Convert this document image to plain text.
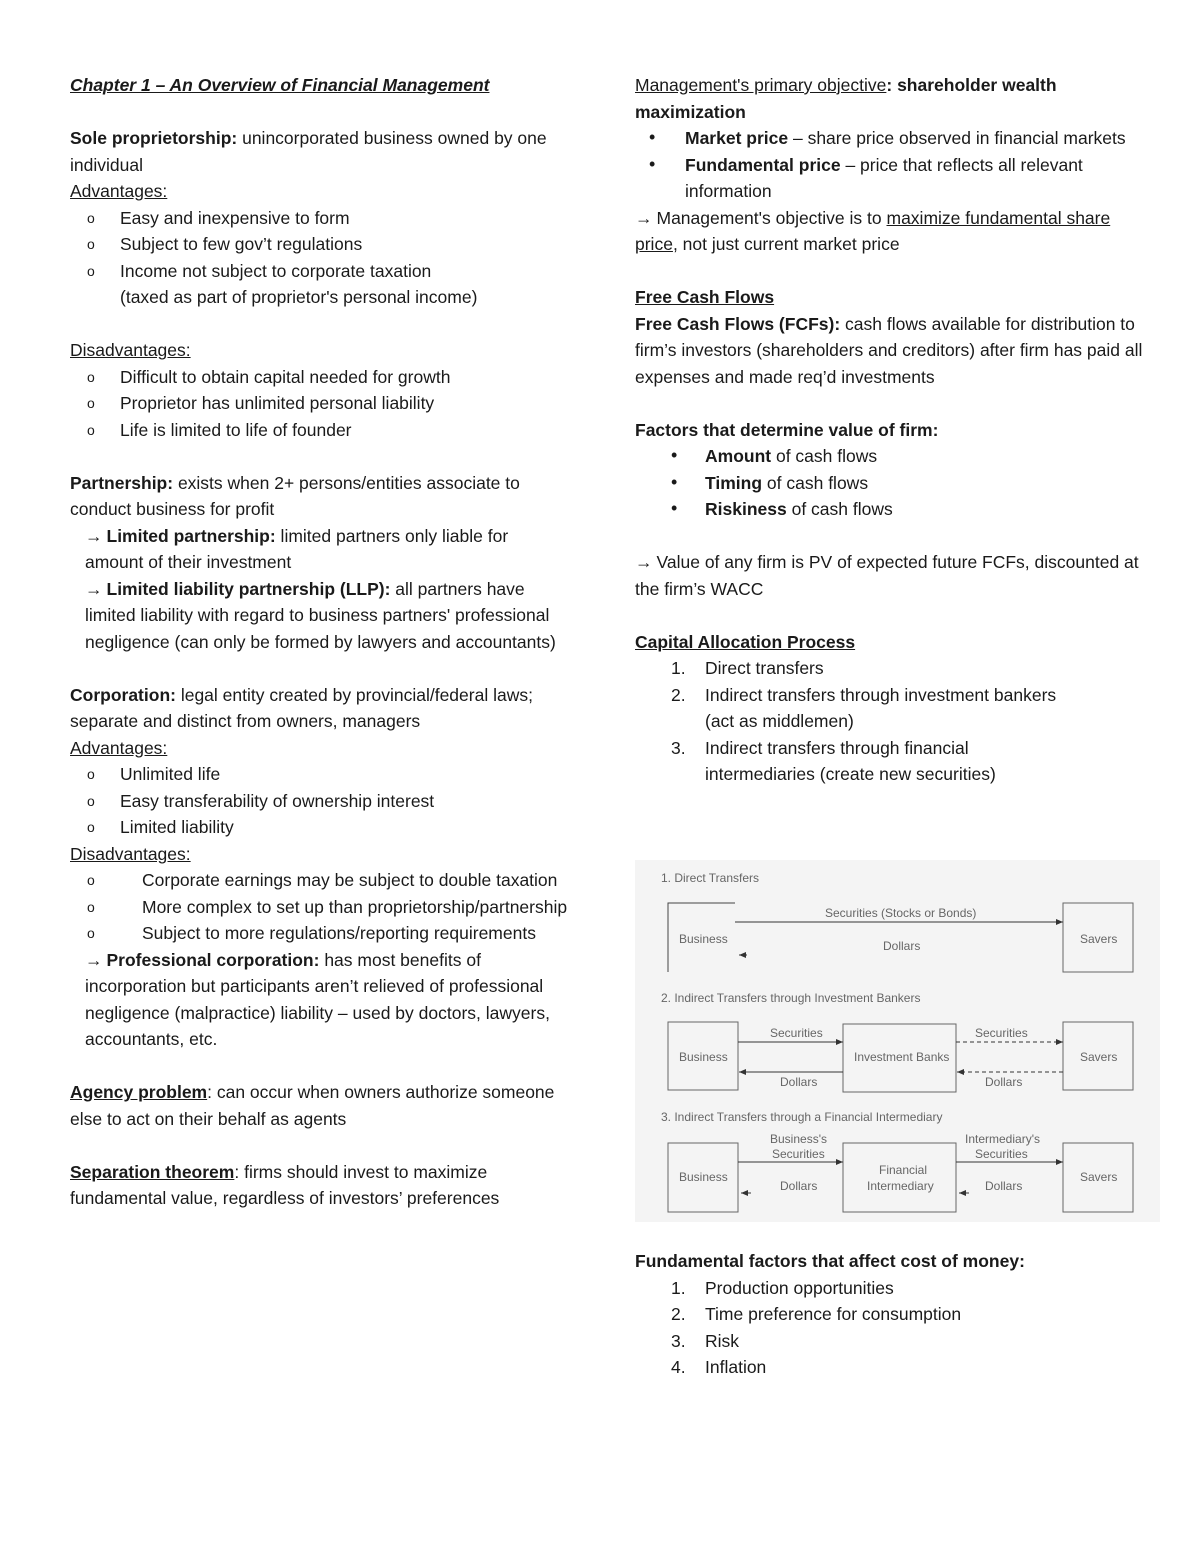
Chapter 1 – An Overview of Financial Management

Sole proprietorship: unincorporated business owned by one individual

Advantages:

o Easy and inexpensive to form
o Subject to few gov’t regulations
o Income not subject to corporate taxation
(taxed as part of proprietor's personal income)

Disadvantages:

o Difficult to obtain capital needed for growth
o Proprietor has unlimited personal liability
o Life is limited to life of founder

Partnership: exists when 2+ persons/entities associate to conduct business for profit

→ Limited partnership: limited partners only liable for amount of their investment

→ Limited liability partnership (LLP): all partners have limited liability with regard to business partners' professional negligence (can only be formed by lawyers and accountants)

Corporation: legal entity created by provincial/federal laws; separate and distinct from owners, managers

Advantages:

o Unlimited life
o Easy transferability of ownership interest
o Limited liability

Disadvantages:

o	Corporate earnings may be subject to double taxation
o	More complex to set up than proprietorship/partnership
o	Subject to more regulations/reporting requirements

→ Professional corporation: has most benefits of incorporation but participants aren’t relieved of professional negligence (malpractice) liability – used by doctors, lawyers, accountants, etc.

Agency problem: can occur when owners authorize someone else to act on their behalf as agents

Separation theorem: firms should invest to maximize fundamental value, regardless of investors’ preferences

Management's primary objective: shareholder wealth maximization

• Market price – share price observed in financial markets
• Fundamental price – price that reflects all relevant information

→ Management's objective is to maximize fundamental share price, not just current market price

Free Cash Flows

Free Cash Flows (FCFs): cash flows available for distribution to firm’s investors (shareholders and creditors) after firm has paid all expenses and made req’d investments

Factors that determine value of firm:

• Amount of cash flows
• Timing of cash flows
• Riskiness of cash flows

→ Value of any firm is PV of expected future FCFs, discounted at the firm’s WACC

Capital Allocation Process

1. Direct transfers
2. Indirect transfers through investment bankers
(act as middlemen)
3. Indirect transfers through financial
intermediaries (create new securities)
1. Direct Transfers
Business	Savers
Securities (Stocks or Bonds)
Dollars
2. Indirect Transfers through Investment Bankers
Business	Investment Banks	Savers
Securities	Securities
Dollars	Dollars
3. Indirect Transfers through a Financial Intermediary
Business	Financial
Intermediary
Savers
Business's
Securities
Intermediary's
Securities
Dollars	Dollars

Fundamental factors that affect cost of money:

1. Production opportunities
2. Time preference for consumption
3. Risk
4. Inflation
